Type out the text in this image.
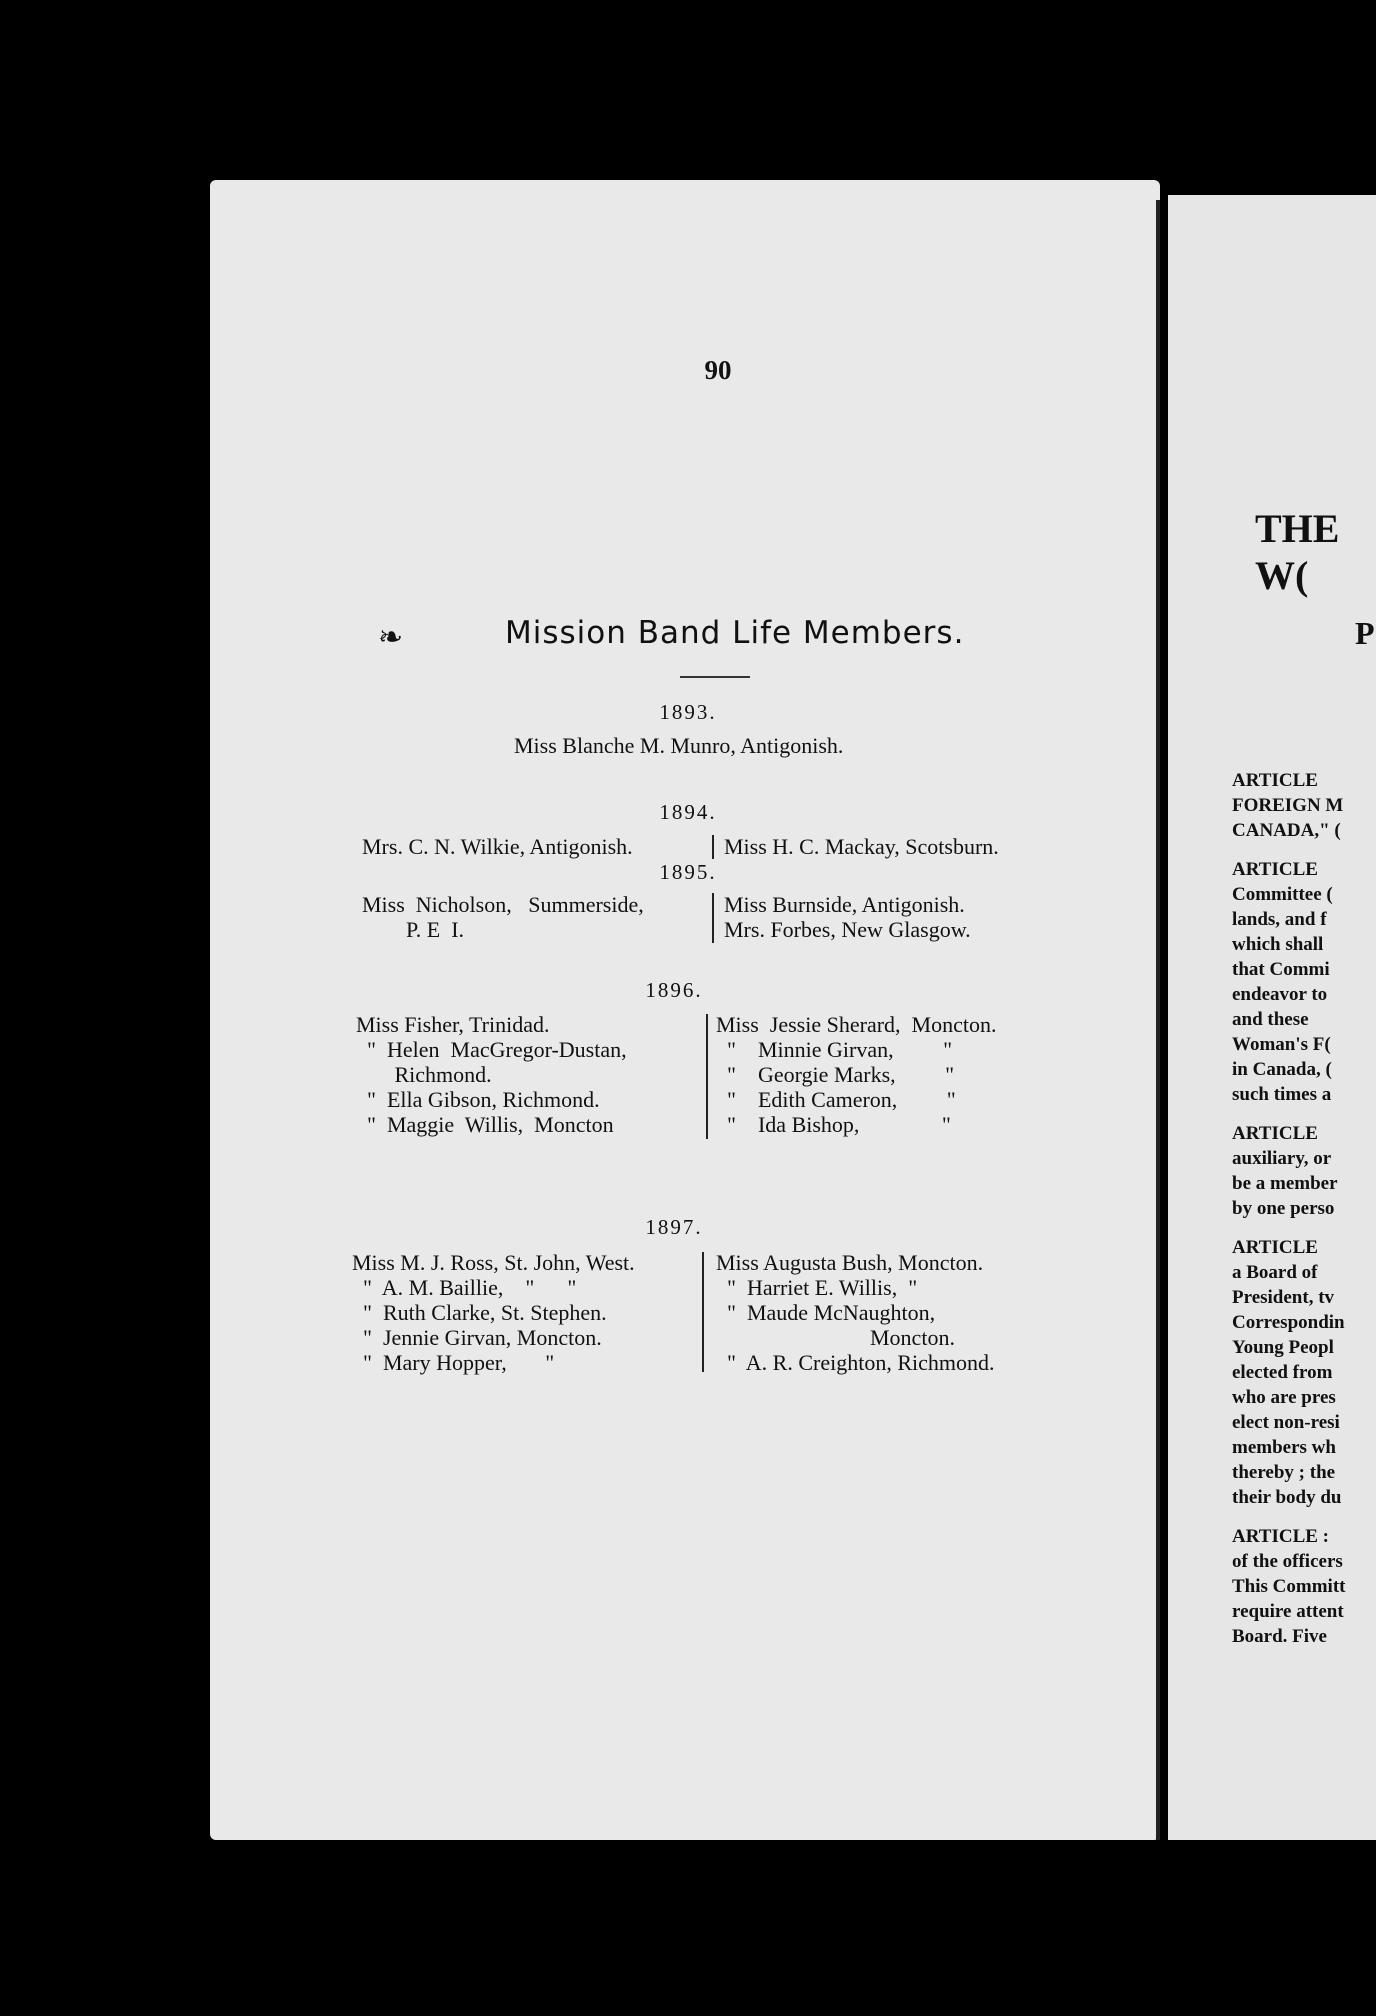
90
❧	Mission Band Life Members.
1893.
Miss Blanche M. Munro, Antigonish.
1894.
Mrs. C. N. Wilkie, Antigonish.	Miss H. C. Mackay, Scotsburn.
1895.
Miss  Nicholson,   Summerside,
P. E  I.
Miss Burnside, Antigonish.
Mrs. Forbes, New Glasgow.
1896.
Miss Fisher, Trinidad.
"  Helen  MacGregor-Dustan,
Richmond.
"  Ella Gibson, Richmond.
"  Maggie  Willis,  Moncton
Miss  Jessie Sherard,  Moncton.
"    Minnie Girvan,         "
"    Georgie Marks,         "
"    Edith Cameron,         "
"    Ida Bishop,               "
1897.
Miss M. J. Ross, St. John, West.
"  A. M. Baillie,    "      "
"  Ruth Clarke, St. Stephen.
"  Jennie Girvan, Moncton.
"  Mary Hopper,       "
Miss Augusta Bush, Moncton.
"  Harriet E. Willis,  "
"  Maude McNaughton,
Moncton.
"  A. R. Creighton, Richmond.
THE W(
P
ARTICLE
FOREIGN M
CANADA," (
ARTICLE
Committee (
lands, and f
which shall
that Commi
endeavor to
and these
Woman's F(
in Canada, (
such times a
ARTICLE
auxiliary, or
be a member
by one perso
ARTICLE
a Board of
President, tv
Correspondin
Young Peopl
elected from
who are pres
elect non-resi
members wh
thereby ; the
their body du
ARTICLE :
of the officers
This Committ
require attent
Board. Five
